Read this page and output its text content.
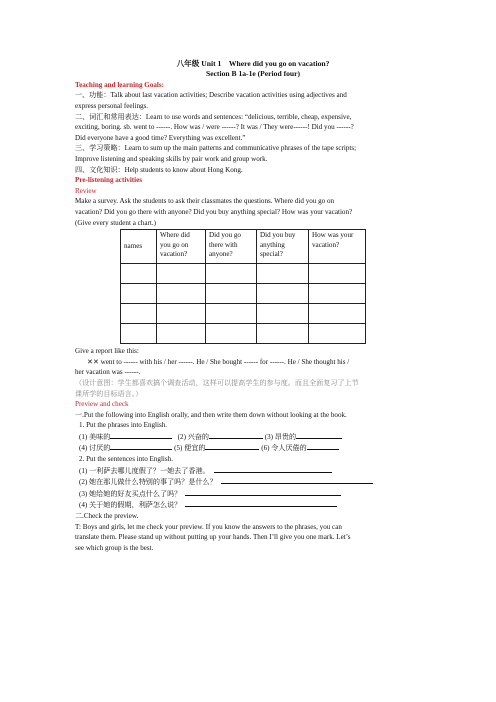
八年级 Unit 1　Where did you go on vacation?

Section B 1a-1e (Period four)

Teaching and learning Goals:

一、功能：Talk about last vacation activities; Describe vacation activities using adjectives and

express personal feelings.

二、词汇和常用表达：Learn to use words and sentences: “delicious, terrible, cheap, expensive,

exciting, boring. sb. went to ------. How was / were ------? It was / They were------! Did you ------?

Did everyone have a good time? Everything was excellent.”

三、学习策略：Learn to sum up the main patterns and communicative phrases of the tape scripts;

Improve listening and speaking skills by pair work and group work.

四、文化知识：Help students to know about Hong Kong.

Pre-listening activities

Review

Make a survey. Ask the students to ask their classmates the questions. Where did you go on

vacation? Did you go there with anyone? Did you buy anything special? How was your vacation?

(Give every student a chart.)

names	Where did you go on vacation?	Did you go there with anyone?	Did you buy anything special?	How was your vacation?

Give a report like this:

✕✕ went to ------ with his / her ------. He / She bought ------ for ------. He / She thought his /

her vacation was ------.

（设计意图：学生都喜欢搞个调查活动，这样可以提高学生的参与度。而且全面复习了上节

课所学的目标语言。）

Preview and check

一.Put the following into English orally, and then write them down without looking at the book.

1. Put the phrases into English.

(1) 美味的	(2) 兴奋的	(3) 昂贵的

(4) 讨厌的	(5) 便宜的	(6) 令人厌倦的

2. Put the sentences into English.

(1) 一利萨去哪儿度假了？一她去了香港。

(2) 她在那儿做什么特别的事了吗？是什么？

(3) 她给她的好友买点什么了吗？

(4) 关于她的假期，利萨怎么说？

二.Check the preview.

T: Boys and girls, let me check your preview. If you know the answers to the phrases, you can

translate them. Please stand up without putting up your hands. Then I’ll give you one mark. Let’s

see which group is the best.
